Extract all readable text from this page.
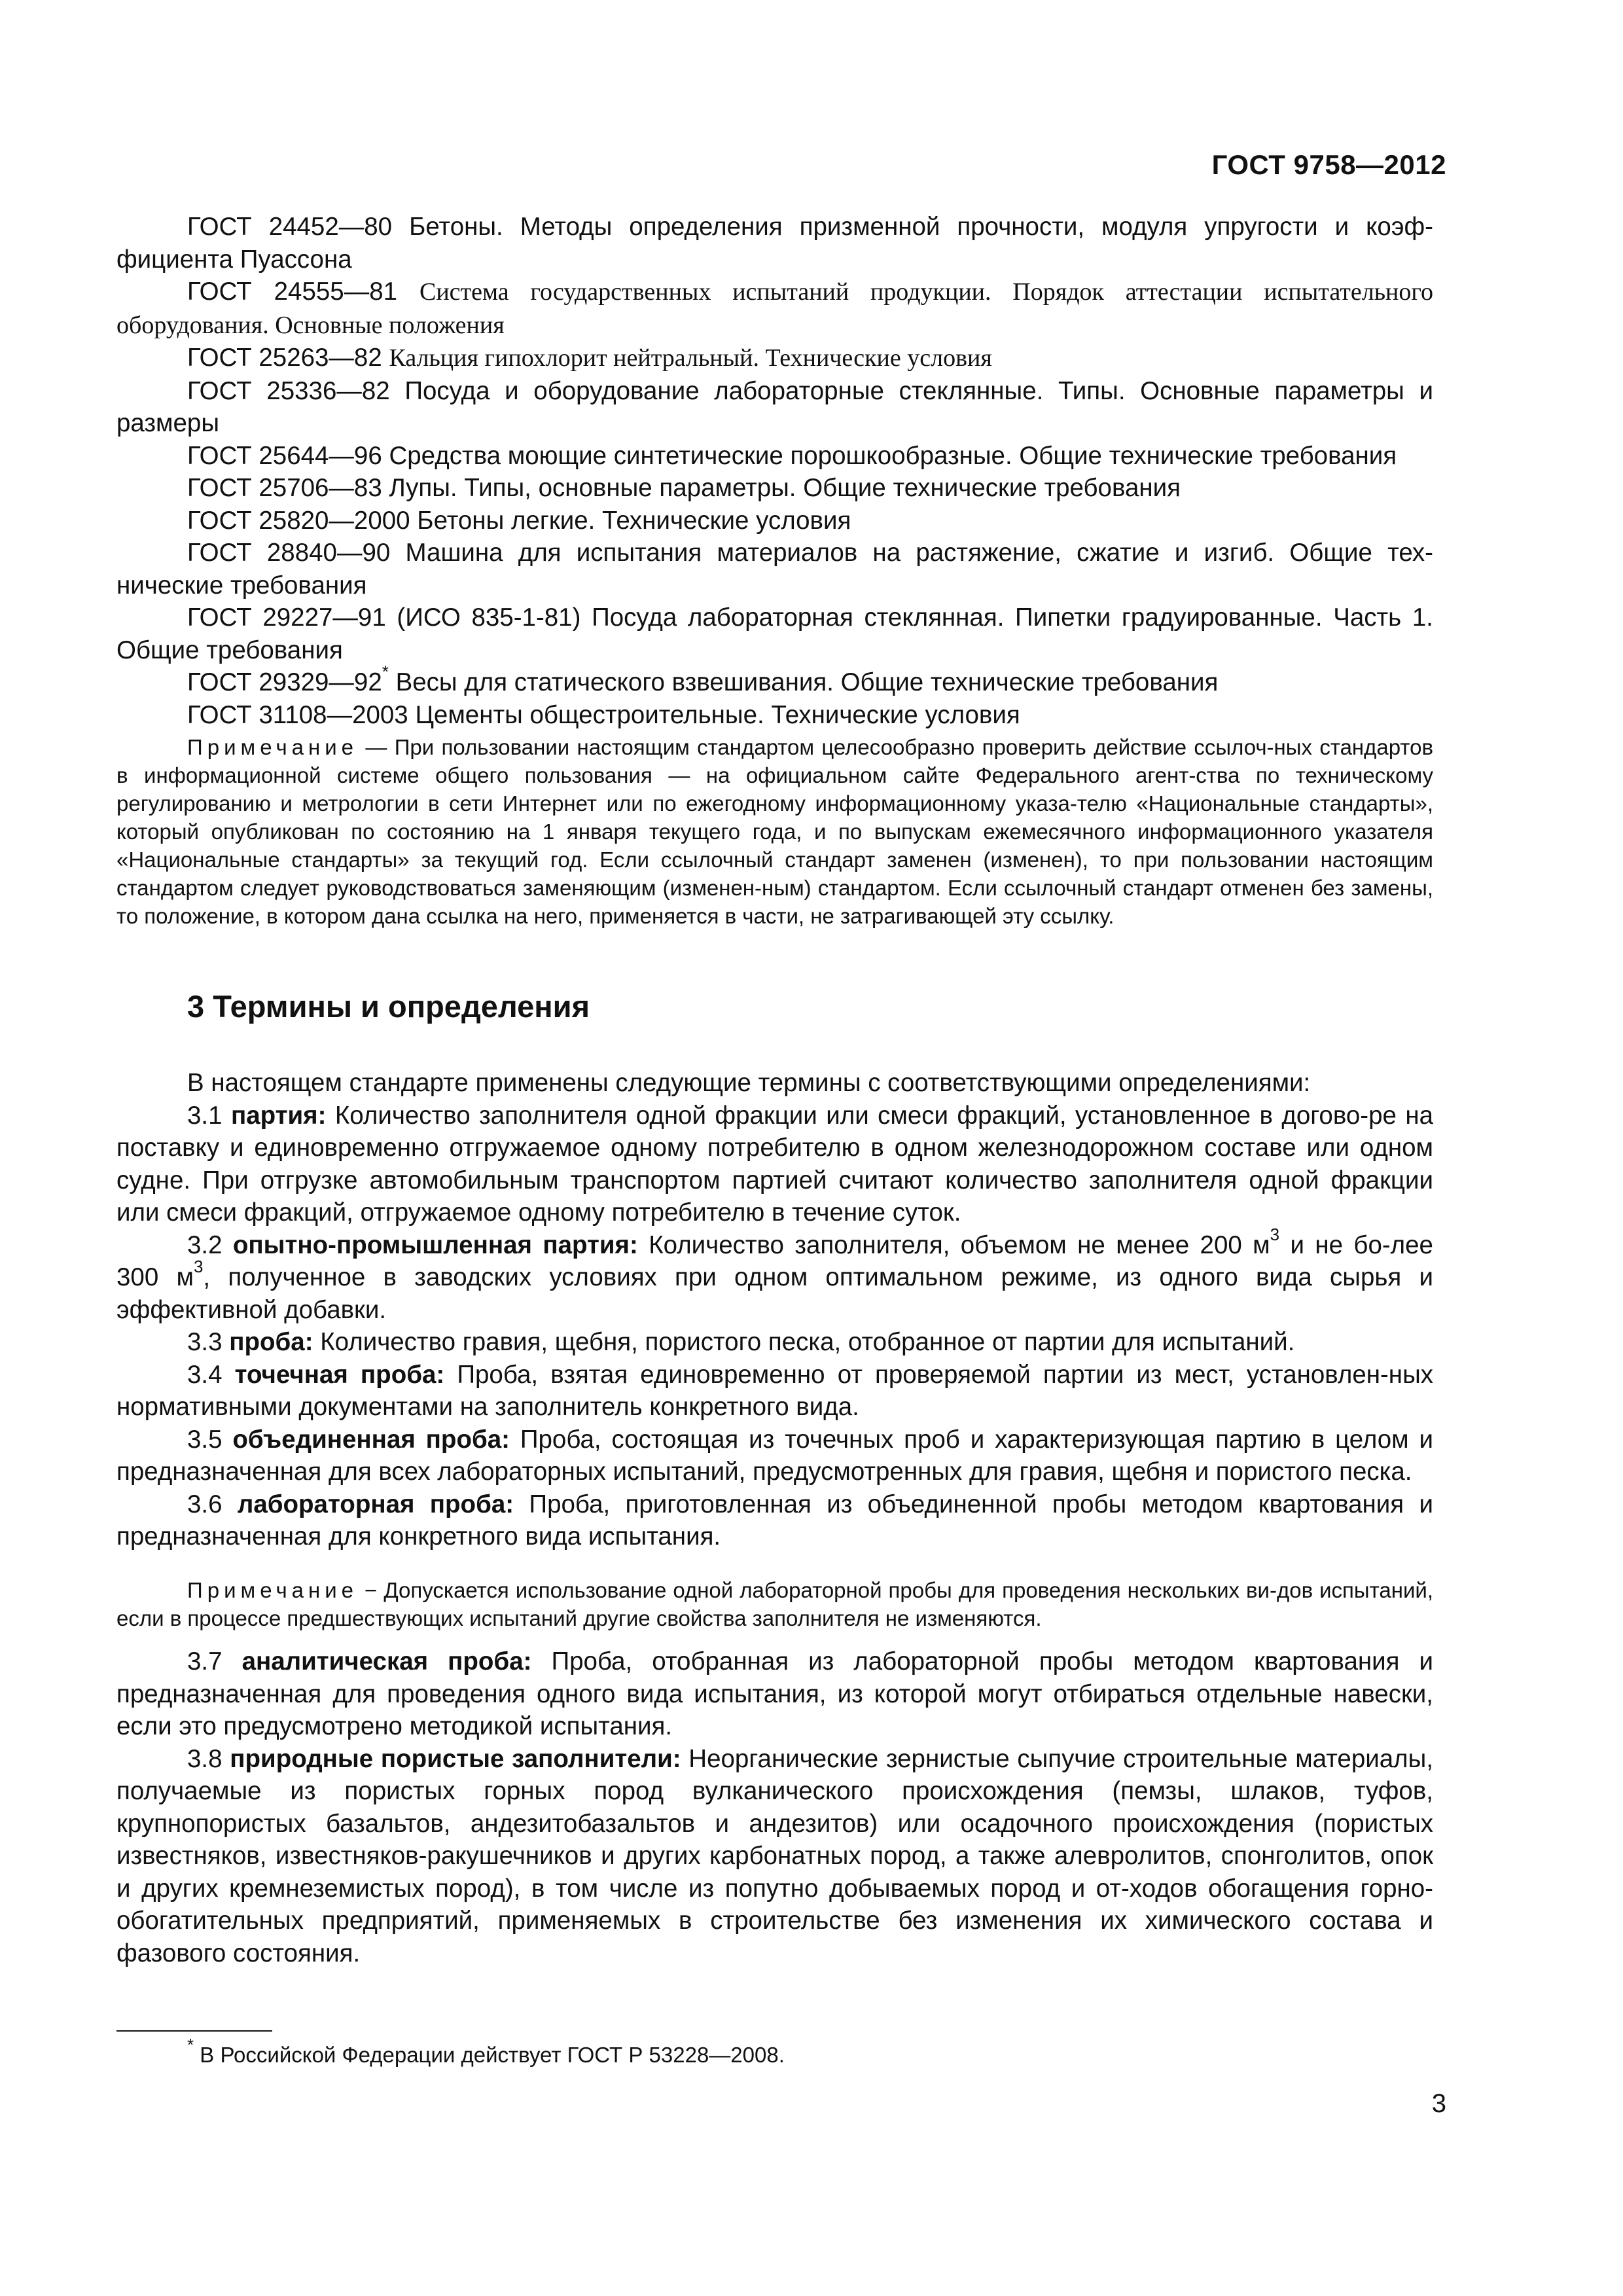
ГОСТ 9758—2012

ГОСТ 24452—80 Бетоны. Методы определения призменной прочности, модуля упругости и коэф-фициента Пуассона

ГОСТ 24555—81 Система государственных испытаний продукции. Порядок аттестации испытательного оборудования. Основные положения

ГОСТ 25263—82 Кальция гипохлорит нейтральный. Технические условия

ГОСТ 25336—82 Посуда и оборудование лабораторные стеклянные. Типы. Основные параметры и размеры

ГОСТ 25644—96 Средства моющие синтетические порошкообразные. Общие технические требования

ГОСТ 25706—83 Лупы. Типы, основные параметры. Общие технические требования

ГОСТ 25820—2000 Бетоны легкие. Технические условия

ГОСТ 28840—90 Машина для испытания материалов на растяжение, сжатие и изгиб. Общие тех-нические требования

ГОСТ 29227—91 (ИСО 835-1-81) Посуда лабораторная стеклянная. Пипетки градуированные. Часть 1. Общие требования

ГОСТ 29329—92* Весы для статического взвешивания. Общие технические требования

ГОСТ 31108—2003 Цементы общестроительные. Технические условия

Примечание — При пользовании настоящим стандартом целесообразно проверить действие ссылоч-ных стандартов в информационной системе общего пользования — на официальном сайте Федерального агент-ства по техническому регулированию и метрологии в сети Интернет или по ежегодному информационному указа-телю «Национальные стандарты», который опубликован по состоянию на 1 января текущего года, и по выпускам ежемесячного информационного указателя «Национальные стандарты» за текущий год. Если ссылочный стандарт заменен (изменен), то при пользовании настоящим стандартом следует руководствоваться заменяющим (изменен-ным) стандартом. Если ссылочный стандарт отменен без замены, то положение, в котором дана ссылка на него, применяется в части, не затрагивающей эту ссылку.

3 Термины и определения

В настоящем стандарте применены следующие термины с соответствующими определениями:

3.1 партия: Количество заполнителя одной фракции или смеси фракций, установленное в догово-ре на поставку и единовременно отгружаемое одному потребителю в одном железнодорожном составе или одном судне. При отгрузке автомобильным транспортом партией считают количество заполнителя одной фракции или смеси фракций, отгружаемое одному потребителю в течение суток.

3.2 опытно-промышленная партия: Количество заполнителя, объемом не менее 200 $м^3$ и не бо-лее 300 $м^3$, полученное в заводских условиях при одном оптимальном режиме, из одного вида сырья и эффективной добавки.

3.3 проба: Количество гравия, щебня, пористого песка, отобранное от партии для испытаний.

3.4 точечная проба: Проба, взятая единовременно от проверяемой партии из мест, установлен-ных нормативными документами на заполнитель конкретного вида.

3.5 объединенная проба: Проба, состоящая из точечных проб и характеризующая партию в целом и предназначенная для всех лабораторных испытаний, предусмотренных для гравия, щебня и пористого песка.

3.6 лабораторная проба: Проба, приготовленная из объединенной пробы методом квартования и предназначенная для конкретного вида испытания.

Примечание − Допускается использование одной лабораторной пробы для проведения нескольких ви-дов испытаний, если в процессе предшествующих испытаний другие свойства заполнителя не изменяются.

3.7 аналитическая проба: Проба, отобранная из лабораторной пробы методом квартования и предназначенная для проведения одного вида испытания, из которой могут отбираться отдельные навески, если это предусмотрено методикой испытания.

3.8 природные пористые заполнители: Неорганические зернистые сыпучие строительные материалы, получаемые из пористых горных пород вулканического происхождения (пемзы, шлаков, туфов, крупнопористых базальтов, андезитобазальтов и андезитов) или осадочного происхождения (пористых известняков, известняков-ракушечников и других карбонатных пород, а также алевролитов, спонголитов, опок и других кремнеземистых пород), в том числе из попутно добываемых пород и от-ходов обогащения горно-обогатительных предприятий, применяемых в строительстве без изменения их химического состава и фазового состояния.

* В Российской Федерации действует ГОСТ Р 53228—2008.
3
